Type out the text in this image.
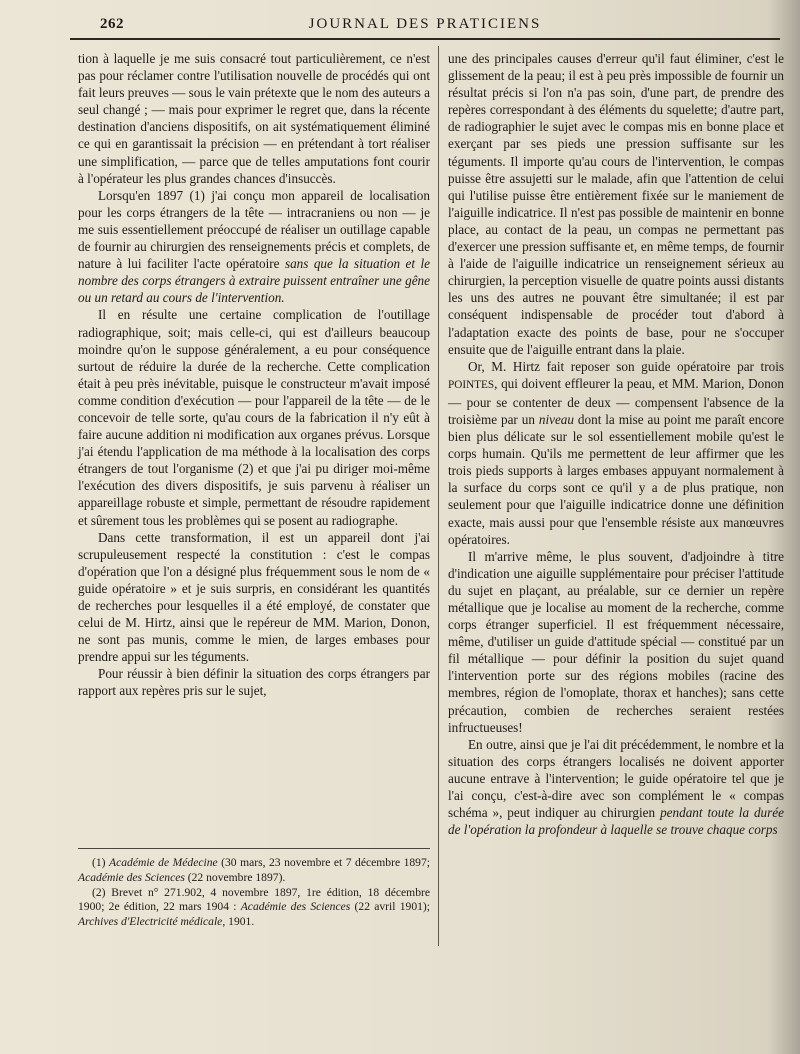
262	JOURNAL DES PRATICIENS

tion à laquelle je me suis consacré tout particulièrement, ce n'est pas pour réclamer contre l'utilisation nouvelle de procédés qui ont fait leurs preuves — sous le vain prétexte que le nom des auteurs a seul changé ; — mais pour exprimer le regret que, dans la récente destination d'anciens dispositifs, on ait systématiquement éliminé ce qui en garantissait la précision — en prétendant à tort réaliser une simplification, — parce que de telles amputations font courir à l'opérateur les plus grandes chances d'insuccès.

Lorsqu'en 1897 (1) j'ai conçu mon appareil de localisation pour les corps étrangers de la tête — intracraniens ou non — je me suis essentiellement préoccupé de réaliser un outillage capable de fournir au chirurgien des renseignements précis et complets, de nature à lui faciliter l'acte opératoire sans que la situation et le nombre des corps étrangers à extraire puissent entraîner une gêne ou un retard au cours de l'intervention.

Il en résulte une certaine complication de l'outillage radiographique, soit; mais celle-ci, qui est d'ailleurs beaucoup moindre qu'on le suppose généralement, a eu pour conséquence surtout de réduire la durée de la recherche. Cette complication était à peu près inévitable, puisque le constructeur m'avait imposé comme condition d'exécution — pour l'appareil de la tête — de le concevoir de telle sorte, qu'au cours de la fabrication il n'y eût à faire aucune addition ni modification aux organes prévus. Lorsque j'ai étendu l'application de ma méthode à la localisation des corps étrangers de tout l'organisme (2) et que j'ai pu diriger moi-même l'exécution des divers dispositifs, je suis parvenu à réaliser un appareillage robuste et simple, permettant de résoudre rapidement et sûrement tous les problèmes qui se posent au radiographe.

Dans cette transformation, il est un appareil dont j'ai scrupuleusement respecté la constitution : c'est le compas d'opération que l'on a désigné plus fréquemment sous le nom de « guide opératoire » et je suis surpris, en considérant les quantités de recherches pour lesquelles il a été employé, de constater que celui de M. Hirtz, ainsi que le repéreur de MM. Marion, Donon, ne sont pas munis, comme le mien, de larges embases pour prendre appui sur les téguments.

Pour réussir à bien définir la situation des corps étrangers par rapport aux repères pris sur le sujet,

une des principales causes d'erreur qu'il faut éliminer, c'est le glissement de la peau; il est à peu près impossible de fournir un résultat précis si l'on n'a pas soin, d'une part, de prendre des repères correspondant à des éléments du squelette; d'autre part, de radiographier le sujet avec le compas mis en bonne place et exerçant par ses pieds une pression suffisante sur les téguments. Il importe qu'au cours de l'intervention, le compas puisse être assujetti sur le malade, afin que l'attention de celui qui l'utilise puisse être entièrement fixée sur le maniement de l'aiguille indicatrice. Il n'est pas possible de maintenir en bonne place, au contact de la peau, un compas ne permettant pas d'exercer une pression suffisante et, en même temps, de fournir à l'aide de l'aiguille indicatrice un renseignement sérieux au chirurgien, la perception visuelle de quatre points aussi distants les uns des autres ne pouvant être simultanée; il est par conséquent indispensable de procéder tout d'abord à l'adaptation exacte des points de base, pour ne s'occuper ensuite que de l'aiguille entrant dans la plaie.

Or, M. Hirtz fait reposer son guide opératoire par trois POINTES, qui doivent effleurer la peau, et MM. Marion, Donon — pour se contenter de deux — compensent l'absence de la troisième par un niveau dont la mise au point me paraît encore bien plus délicate sur le sol essentiellement mobile qu'est le corps humain. Qu'ils me permettent de leur affirmer que les trois pieds supports à larges embases appuyant normalement à la surface du corps sont ce qu'il y a de plus pratique, non seulement pour que l'aiguille indicatrice donne une définition exacte, mais aussi pour que l'ensemble résiste aux manœuvres opératoires.

Il m'arrive même, le plus souvent, d'adjoindre à titre d'indication une aiguille supplémentaire pour préciser l'attitude du sujet en plaçant, au préalable, sur ce dernier un repère métallique que je localise au moment de la recherche, comme corps étranger superficiel. Il est fréquemment nécessaire, même, d'utiliser un guide d'attitude spécial — constitué par un fil métallique — pour définir la position du sujet quand l'intervention porte sur des régions mobiles (racine des membres, région de l'omoplate, thorax et hanches); sans cette précaution, combien de recherches seraient restées infructueuses!

En outre, ainsi que je l'ai dit précédemment, le nombre et la situation des corps étrangers localisés ne doivent apporter aucune entrave à l'intervention; le guide opératoire tel que je l'ai conçu, c'est-à-dire avec son complément le « compas schéma », peut indiquer au chirurgien pendant toute la durée de l'opération la profondeur à laquelle se trouve chaque corps

(1) Académie de Médecine (30 mars, 23 novembre et 7 décembre 1897; Académie des Sciences (22 novembre 1897).

(2) Brevet n° 271.902, 4 novembre 1897, 1re édition, 18 décembre 1900; 2e édition, 22 mars 1904 : Académie des Sciences (22 avril 1901); Archives d'Electricité médicale, 1901.
